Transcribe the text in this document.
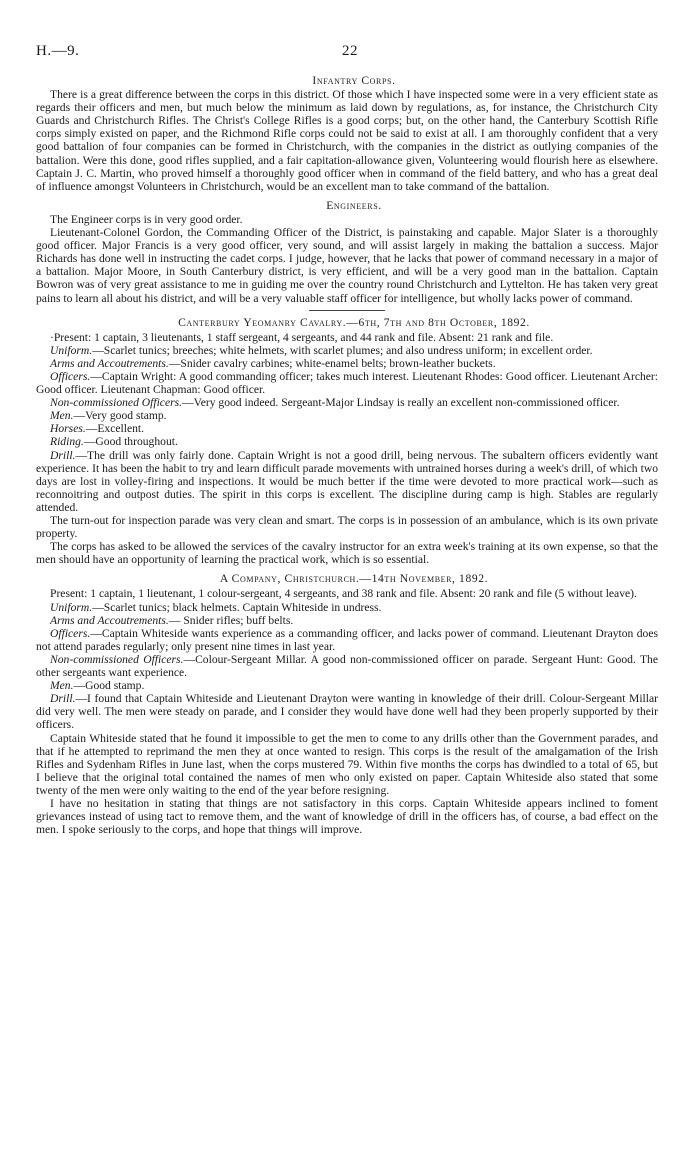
H.—9.	22

Infantry Corps.

There is a great difference between the corps in this district. Of those which I have inspected some were in a very efficient state as regards their officers and men, but much below the minimum as laid down by regulations, as, for instance, the Christchurch City Guards and Christchurch Rifles. The Christ's College Rifles is a good corps; but, on the other hand, the Canterbury Scottish Rifle corps simply existed on paper, and the Richmond Rifle corps could not be said to exist at all. I am thoroughly confident that a very good battalion of four companies can be formed in Christchurch, with the companies in the district as outlying companies of the battalion. Were this done, good rifles supplied, and a fair capitation-allowance given, Volunteering would flourish here as elsewhere. Captain J. C. Martin, who proved himself a thoroughly good officer when in command of the field battery, and who has a great deal of influence amongst Volunteers in Christchurch, would be an excellent man to take command of the battalion.

Engineers.

The Engineer corps is in very good order.

Lieutenant-Colonel Gordon, the Commanding Officer of the District, is painstaking and capable. Major Slater is a thoroughly good officer. Major Francis is a very good officer, very sound, and will assist largely in making the battalion a success. Major Richards has done well in instructing the cadet corps. I judge, however, that he lacks that power of command necessary in a major of a battalion. Major Moore, in South Canterbury district, is very efficient, and will be a very good man in the battalion. Captain Bowron was of very great assistance to me in guiding me over the country round Christchurch and Lyttelton. He has taken very great pains to learn all about his district, and will be a very valuable staff officer for intelligence, but wholly lacks power of command.

Canterbury Yeomanry Cavalry.—6th, 7th and 8th October, 1892.

·Present: 1 captain, 3 lieutenants, 1 staff sergeant, 4 sergeants, and 44 rank and file. Absent: 21 rank and file.

Uniform.—Scarlet tunics; breeches; white helmets, with scarlet plumes; and also undress uniform; in excellent order.

Arms and Accoutrements.—Snider cavalry carbines; white-enamel belts; brown-leather buckets.

Officers.—Captain Wright: A good commanding officer; takes much interest. Lieutenant Rhodes: Good officer. Lieutenant Archer: Good officer. Lieutenant Chapman: Good officer.

Non-commissioned Officers.—Very good indeed. Sergeant-Major Lindsay is really an excellent non-commissioned officer.

Men.—Very good stamp.

Horses.—Excellent.

Riding.—Good throughout.

Drill.—The drill was only fairly done. Captain Wright is not a good drill, being nervous. The subaltern officers evidently want experience. It has been the habit to try and learn difficult parade movements with untrained horses during a week's drill, of which two days are lost in volley-firing and inspections. It would be much better if the time were devoted to more practical work—such as reconnoitring and outpost duties. The spirit in this corps is excellent. The discipline during camp is high. Stables are regularly attended.

The turn-out for inspection parade was very clean and smart. The corps is in possession of an ambulance, which is its own private property.

The corps has asked to be allowed the services of the cavalry instructor for an extra week's training at its own expense, so that the men should have an opportunity of learning the practical work, which is so essential.

A Company, Christchurch.—14th November, 1892.

Present: 1 captain, 1 lieutenant, 1 colour-sergeant, 4 sergeants, and 38 rank and file. Absent: 20 rank and file (5 without leave).

Uniform.—Scarlet tunics; black helmets. Captain Whiteside in undress.

Arms and Accoutrements.— Snider rifles; buff belts.

Officers.—Captain Whiteside wants experience as a commanding officer, and lacks power of command. Lieutenant Drayton does not attend parades regularly; only present nine times in last year.

Non-commissioned Officers.—Colour-Sergeant Millar. A good non-commissioned officer on parade. Sergeant Hunt: Good. The other sergeants want experience.

Men.—Good stamp.

Drill.—I found that Captain Whiteside and Lieutenant Drayton were wanting in knowledge of their drill. Colour-Sergeant Millar did very well. The men were steady on parade, and I consider they would have done well had they been properly supported by their officers.

Captain Whiteside stated that he found it impossible to get the men to come to any drills other than the Government parades, and that if he attempted to reprimand the men they at once wanted to resign. This corps is the result of the amalgamation of the Irish Rifles and Sydenham Rifles in June last, when the corps mustered 79. Within five months the corps has dwindled to a total of 65, but I believe that the original total contained the names of men who only existed on paper. Captain Whiteside also stated that some twenty of the men were only waiting to the end of the year before resigning.

I have no hesitation in stating that things are not satisfactory in this corps. Captain Whiteside appears inclined to foment grievances instead of using tact to remove them, and the want of knowledge of drill in the officers has, of course, a bad effect on the men. I spoke seriously to the corps, and hope that things will improve.
